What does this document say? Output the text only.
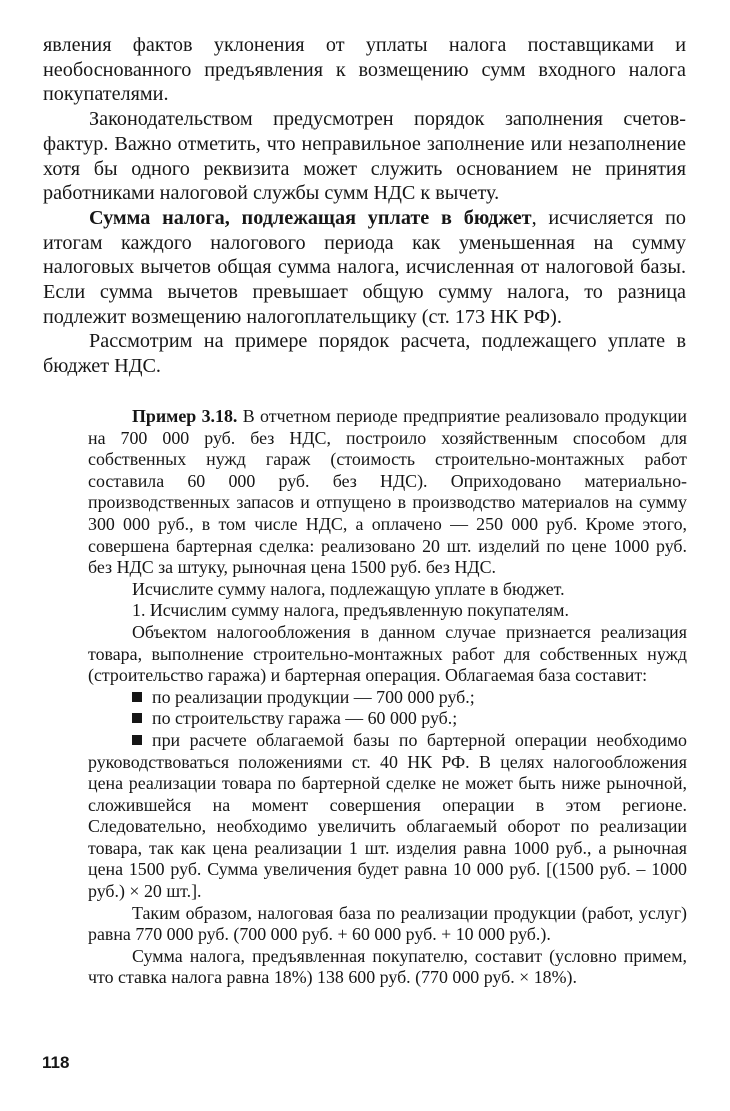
явления фактов уклонения от уплаты налога поставщиками и необоснованного предъявления к возмещению сумм входного налога покупателями.

Законодательством предусмотрен порядок заполнения счетов-фактур. Важно отметить, что неправильное заполнение или незаполнение хотя бы одного реквизита может служить основанием не принятия работниками налоговой службы сумм НДС к вычету.

Сумма налога, подлежащая уплате в бюджет, исчисляется по итогам каждого налогового периода как уменьшенная на сумму налоговых вычетов общая сумма налога, исчисленная от налоговой базы. Если сумма вычетов превышает общую сумму налога, то разница подлежит возмещению налогоплательщику (ст. 173 НК РФ).

Рассмотрим на примере порядок расчета, подлежащего уплате в бюджет НДС.

Пример 3.18. В отчетном периоде предприятие реализовало продукции на 700 000 руб. без НДС, построило хозяйственным способом для собственных нужд гараж (стоимость строительно-монтажных работ составила 60 000 руб. без НДС). Оприходовано материально-производственных запасов и отпущено в производство материалов на сумму 300 000 руб., в том числе НДС, а оплачено — 250 000 руб. Кроме этого, совершена бартерная сделка: реализовано 20 шт. изделий по цене 1000 руб. без НДС за штуку, рыночная цена 1500 руб. без НДС.

Исчислите сумму налога, подлежащую уплате в бюджет.

1. Исчислим сумму налога, предъявленную покупателям.

Объектом налогообложения в данном случае признается реализация товара, выполнение строительно-монтажных работ для собственных нужд (строительство гаража) и бартерная операция. Облагаемая база составит:

по реализации продукции — 700 000 руб.;

по строительству гаража — 60 000 руб.;

при расчете облагаемой базы по бартерной операции необходимо руководствоваться положениями ст. 40 НК РФ. В целях налогообложения цена реализации товара по бартерной сделке не может быть ниже рыночной, сложившейся на момент совершения операции в этом регионе. Следовательно, необходимо увеличить облагаемый оборот по реализации товара, так как цена реализации 1 шт. изделия равна 1000 руб., а рыночная цена 1500 руб. Сумма увеличения будет равна 10 000 руб. [(1500 руб. – 1000 руб.) × 20 шт.].

Таким образом, налоговая база по реализации продукции (работ, услуг) равна 770 000 руб. (700 000 руб. + 60 000 руб. + 10 000 руб.).

Сумма налога, предъявленная покупателю, составит (условно примем, что ставка налога равна 18%) 138 600 руб. (770 000 руб. × 18%).

118
